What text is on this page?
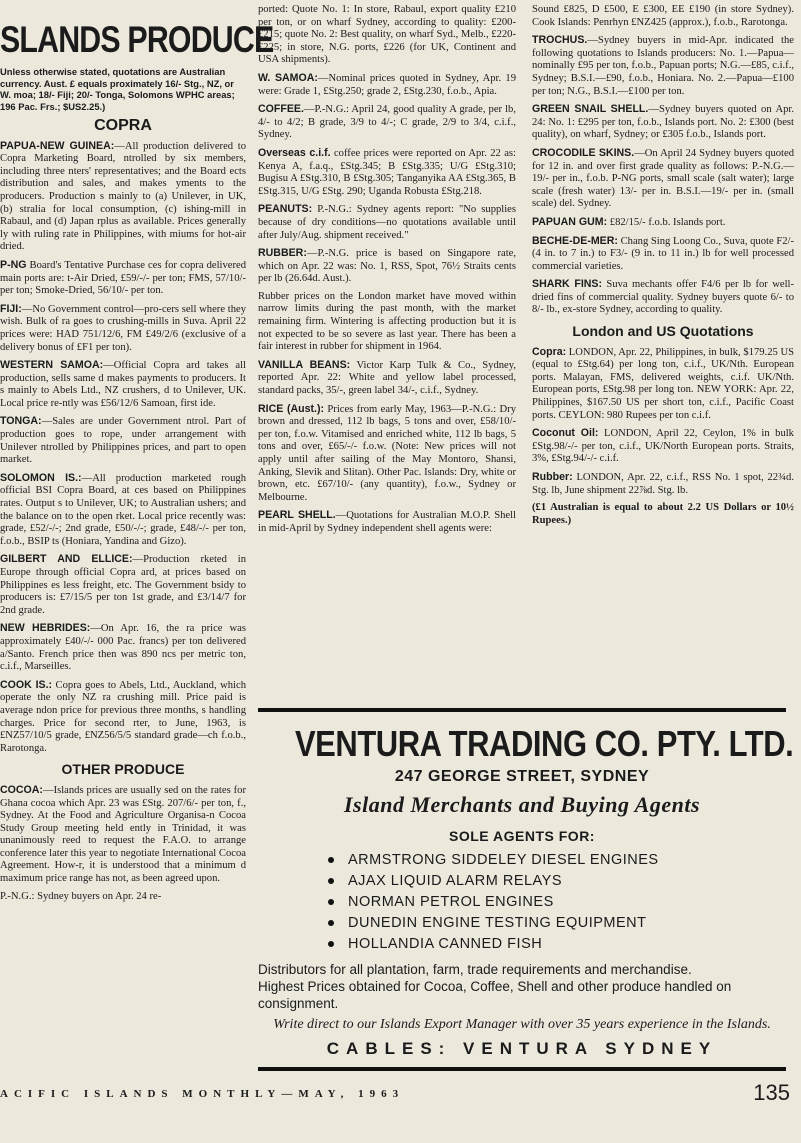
SLANDS PRODUCE
Unless otherwise stated, quotations are Australian currency. Aust. £ equals proximately 16/- Stg., NZ, or W. moa; 18/- Fiji; 20/- Tonga, Solomons WPHC areas; 196 Pac. Frs.; $US2.25.)
COPRA

PAPUA-NEW GUINEA:—All production delivered to Copra Marketing Board, ntrolled by six members, including three nters' representatives; and the Board ects distribution and sales, and makes yments to the producers. Production s mainly to (a) Unilever, in UK, (b) stralia for local consumption, (c) ishing-mill in Rabaul, and (d) Japan rplus as available. Prices generally ly with ruling rate in Philippines, with miums for hot-air dried.

P-NG Board's Tentative Purchase ces for copra delivered main ports are: t-Air Dried, £59/-/- per ton; FMS, 57/10/- per ton; Smoke-Dried, 56/10/- per ton.

FIJI:—No Government control—pro-cers sell where they wish. Bulk of ra goes to crushing-mills in Suva. April 22 prices were: HAD 751/12/6, FM £49/2/6 (exclusive of a delivery bonus of £F1 per ton).

WESTERN SAMOA:—Official Copra ard takes all production, sells same d makes payments to producers. It s mainly to Abels Ltd., NZ crushers, d to Unilever, UK. Local price re-ntly was £56/12/6 Samoan, first ide.

TONGA:—Sales are under Government ntrol. Part of production goes to rope, under arrangement with Unilever ntrolled by Philippines prices, and part to open market.

SOLOMON IS.:—All production marketed rough official BSI Copra Board, at ces based on Philippines rates. Output s to Unilever, UK; to Australian ushers; and the balance on to the open rket. Local price recently was: grade, £52/-/-; 2nd grade, £50/-/-; grade, £48/-/- per ton, f.o.b., BSIP ts (Honiara, Yandina and Gizo).

GILBERT AND ELLICE:—Production rketed in Europe through official Copra ard, at prices based on Philippines es less freight, etc. The Government bsidy to producers is: £7/15/5 per ton 1st grade, and £3/14/7 for 2nd grade.

NEW HEBRIDES:—On Apr. 16, the ra price was approximately £40/-/- 000 Pac. francs) per ton delivered a/Santo. French price then was 890 ncs per metric ton, c.i.f., Marseilles.

COOK IS.: Copra goes to Abels, Ltd., Auckland, which operate the only NZ ra crushing mill. Price paid is average ndon price for previous three months, s handling charges. Price for second rter, to June, 1963, is £NZ57/10/5 grade, £NZ56/5/5 standard grade—ch f.o.b., Rarotonga.

OTHER PRODUCE

COCOA:—Islands prices are usually sed on the rates for Ghana cocoa which Apr. 23 was £Stg. 207/6/- per ton, f., Sydney. At the Food and Agriculture Organisa-n Cocoa Study Group meeting held ently in Trinidad, it was unanimously reed to request the F.A.O. to arrange conference later this year to negotiate International Cocoa Agreement. How-r, it is understood that a minimum d maximum price range has not, as been agreed upon.

P.-N.G.: Sydney buyers on Apr. 24 re-

ported: Quote No. 1: In store, Rabaul, export quality £210 per ton, or on wharf Sydney, according to quality: £200-£215; quote No. 2: Best quality, on wharf Syd., Melb., £220-£225; in store, N.G. ports, £226 (for UK, Continent and USA shipments).

W. SAMOA:—Nominal prices quoted in Sydney, Apr. 19 were: Grade 1, £Stg.250; grade 2, £Stg.230, f.o.b., Apia.

COFFEE.—P.-N.G.: April 24, good quality A grade, per lb, 4/- to 4/2; B grade, 3/9 to 4/-; C grade, 2/9 to 3/4, c.i.f., Sydney.

Overseas c.i.f. coffee prices were reported on Apr. 22 as: Kenya A, f.a.q., £Stg.345; B £Stg.335; U/G £Stg.310; Bugisu A £Stg.310, B £Stg.305; Tanganyika AA £Stg.365, B £Stg.315, U/G £Stg. 290; Uganda Robusta £Stg.218.

PEANUTS: P.-N.G.: Sydney agents report: "No supplies because of dry conditions—no quotations available until after July/Aug. shipment received."

RUBBER:—P.-N.G. price is based on Singapore rate, which on Apr. 22 was: No. 1, RSS, Spot, 76½ Straits cents per lb (26.64d. Aust.).

Rubber prices on the London market have moved within narrow limits during the past month, with the market remaining firm. Wintering is affecting production but it is not expected to be so severe as last year. There has been a fair interest in rubber for shipment in 1964.

VANILLA BEANS: Victor Karp Tulk & Co., Sydney, reported Apr. 22: White and yellow label processed, standard packs, 35/-, green label 34/-, c.i.f., Sydney.

RICE (Aust.): Prices from early May, 1963—P.-N.G.: Dry brown and dressed, 112 lb bags, 5 tons and over, £58/10/- per ton, f.o.w. Vitamised and enriched white, 112 lb bags, 5 tons and over, £65/-/- f.o.w. (Note: New prices will not apply until after sailing of the May Montoro, Shansi, Anking, Slevik and Slitan). Other Pac. Islands: Dry, white or brown, etc. £67/10/- (any quantity), f.o.w., Sydney or Melbourne.

PEARL SHELL.—Quotations for Australian M.O.P. Shell in mid-April by Sydney independent shell agents were:

Sound £825, D £500, E £300, EE £190 (in store Sydney). Cook Islands: Penrhyn £NZ425 (approx.), f.o.b., Rarotonga.

TROCHUS.—Sydney buyers in mid-Apr. indicated the following quotations to Islands producers: No. 1.—Papua—nominally £95 per ton, f.o.b., Papuan ports; N.G.—£85, c.i.f., Sydney; B.S.I.—£90, f.o.b., Honiara. No. 2.—Papua—£100 per ton; N.G., B.S.I.—£100 per ton.

GREEN SNAIL SHELL.—Sydney buyers quoted on Apr. 24: No. 1: £295 per ton, f.o.b., Islands port. No. 2: £300 (best quality), on wharf, Sydney; or £305 f.o.b., Islands port.

CROCODILE SKINS.—On April 24 Sydney buyers quoted for 12 in. and over first grade quality as follows: P.-N.G.—19/- per in., f.o.b. P-NG ports, small scale (salt water); large scale (fresh water) 13/- per in. B.S.I.—19/- per in. (small scale) del. Sydney.

PAPUAN GUM: £82/15/- f.o.b. Islands port.

BECHE-DE-MER: Chang Sing Loong Co., Suva, quote F2/- (4 in. to 7 in.) to F3/- (9 in. to 11 in.) lb for well processed commercial varieties.

SHARK FINS: Suva mechants offer F4/6 per lb for well-dried fins of commercial quality. Sydney buyers quote 6/- to 8/- lb., ex-store Sydney, according to quality.

London and US Quotations

Copra: LONDON, Apr. 22, Philippines, in bulk, $179.25 US (equal to £Stg.64) per long ton, c.i.f., UK/Nth. European ports. Malayan, FMS, delivered weights, c.i.f. UK/Nth. European ports, £Stg.98 per long ton. NEW YORK: Apr. 22, Philippines, $167.50 US per short ton, c.i.f., Pacific Coast ports. CEYLON: 980 Rupees per ton c.i.f.

Coconut Oil: LONDON, April 22, Ceylon, 1% in bulk £Stg.98/-/- per ton, c.i.f., UK/North European ports. Straits, 3%, £Stg.94/-/- c.i.f.

Rubber: LONDON, Apr. 22, c.i.f., RSS No. 1 spot, 22¾d. Stg. lb, June shipment 22⅞d. Stg. lb.

(£1 Australian is equal to about 2.2 US Dollars or 10½ Rupees.)

VENTURA TRADING CO. PTY. LTD.
247 GEORGE STREET, SYDNEY
Island Merchants and Buying Agents
SOLE AGENTS FOR:
ARMSTRONG SIDDELEY DIESEL ENGINES
AJAX LIQUID ALARM RELAYS
NORMAN PETROL ENGINES
DUNEDIN ENGINE TESTING EQUIPMENT
HOLLANDIA CANNED FISH

Distributors for all plantation, farm, trade requirements and merchandise.

Highest Prices obtained for Cocoa, Coffee, Shell and other produce handled on consignment.

Write direct to our Islands Export Manager with over 35 years experience in the Islands.

CABLES: VENTURA SYDNEY
ACIFIC ISLANDS MONTHLY—MAY, 1963	135
